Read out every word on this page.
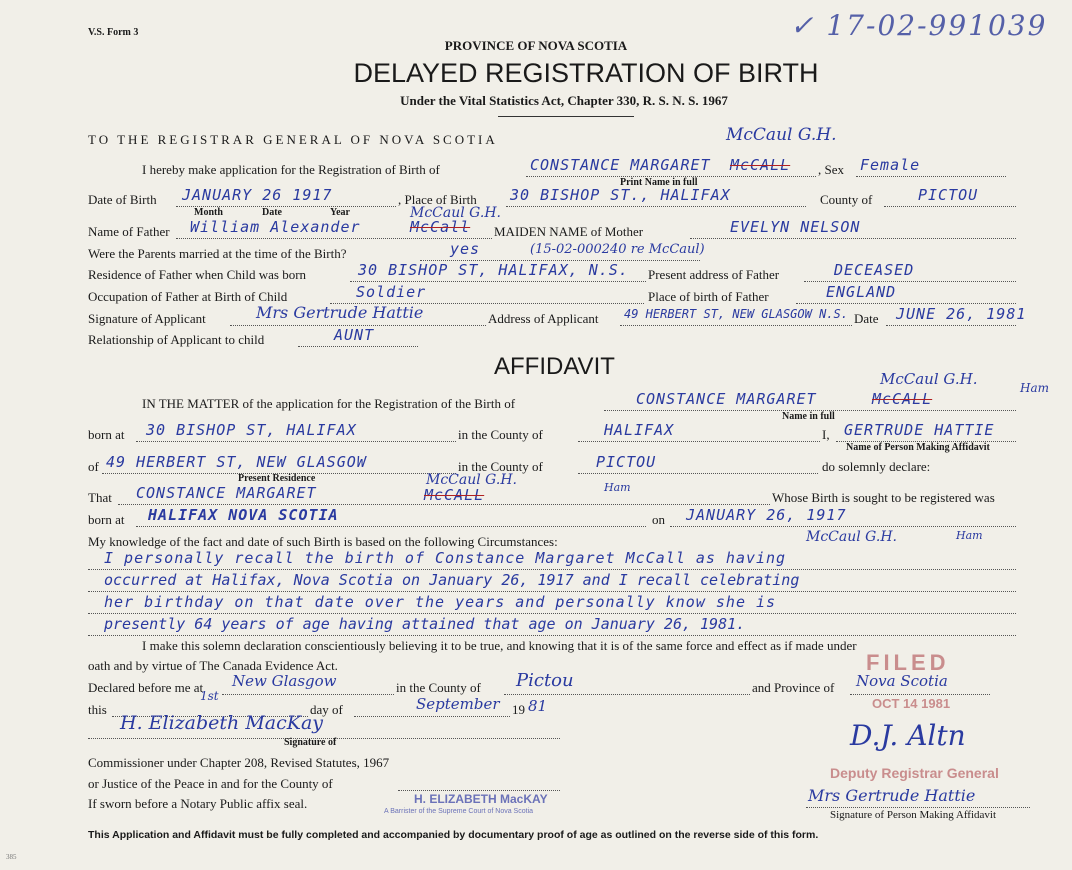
V.S. Form 3	✓ 17-02-991039
PROVINCE OF NOVA SCOTIA
DELAYED REGISTRATION OF BIRTH
Under the Vital Statistics Act, Chapter 330, R. S. N. S. 1967
TO THE REGISTRAR GENERAL OF NOVA SCOTIA	McCaul G.H.
I hereby make application for the Registration of Birth of	CONSTANCE MARGARET McCALL , Sex Female
Print Name in full
Date of Birth JANUARY 26 1917	, Place of Birth 30 BISHOP ST., HALIFAX	County of	PICTOU
Month	Date	Year	McCaul G.H.
Name of Father William Alexander	McCall MAIDEN NAME of Mother	EVELYN NELSON
Were the Parents married at the time of the Birth?	yes	(15-02-000240 re McCaul)
Residence of Father when Child was born	30 BISHOP ST, HALIFAX, N.S. Present address of Father	DECEASED
Occupation of Father at Birth of Child	Soldier	Place of birth of Father	ENGLAND
Signature of Applicant	Mrs Gertrude Hattie	Address of Applicant 49 HERBERT ST, NEW GLASGOW N.S. Date JUNE 26, 1981
Relationship of Applicant to child	AUNT
AFFIDAVIT	McCaul G.H.	Ham
IN THE MATTER of the application for the Registration of the Birth of	CONSTANCE MARGARET	McCALL
Name in full
born at 30 BISHOP ST, HALIFAX	in the County of	HALIFAX	I, GERTRUDE HATTIE
Name of Person Making Affidavit
of 49 HERBERT ST, NEW GLASGOW	in the County of	PICTOU	do solemnly declare:
Present Residence	McCaul G.H.	Ham
That CONSTANCE MARGARET	McCALL	Whose Birth is sought to be registered was
born at HALIFAX NOVA SCOTIA	on JANUARY 26, 1917
My knowledge of the fact and date of such Birth is based on the following Circumstances:	McCaul G.H.	Ham
I personally recall the birth of Constance Margaret McCall as having
occurred at Halifax, Nova Scotia on January 26, 1917 and I recall celebrating
her birthday on that date over the years and personally know she is
presently 64 years of age having attained that age on January 26, 1981.
I make this solemn declaration conscientiously believing it to be true, and knowing that it is of the same force and effect as if made under
oath and by virtue of The Canada Evidence Act.
Declared before me at New Glasgow	in the County of Pictou	and Province of Nova Scotia
this
1st
day of	September 19 81
H. Elizabeth MacKay
Signature of
Commissioner under Chapter 208, Revised Statutes, 1967
or Justice of the Peace in and for the County of
If sworn before a Notary Public affix seal.	H. ELIZABETH MacKAY
A Barrister of the Supreme Court of Nova Scotia
FILED
OCT 14 1981
D.J. Altn
Deputy Registrar General
Mrs Gertrude Hattie
Signature of Person Making Affidavit
This Application and Affidavit must be fully completed and accompanied by documentary proof of age as outlined on the reverse side of this form.
385
